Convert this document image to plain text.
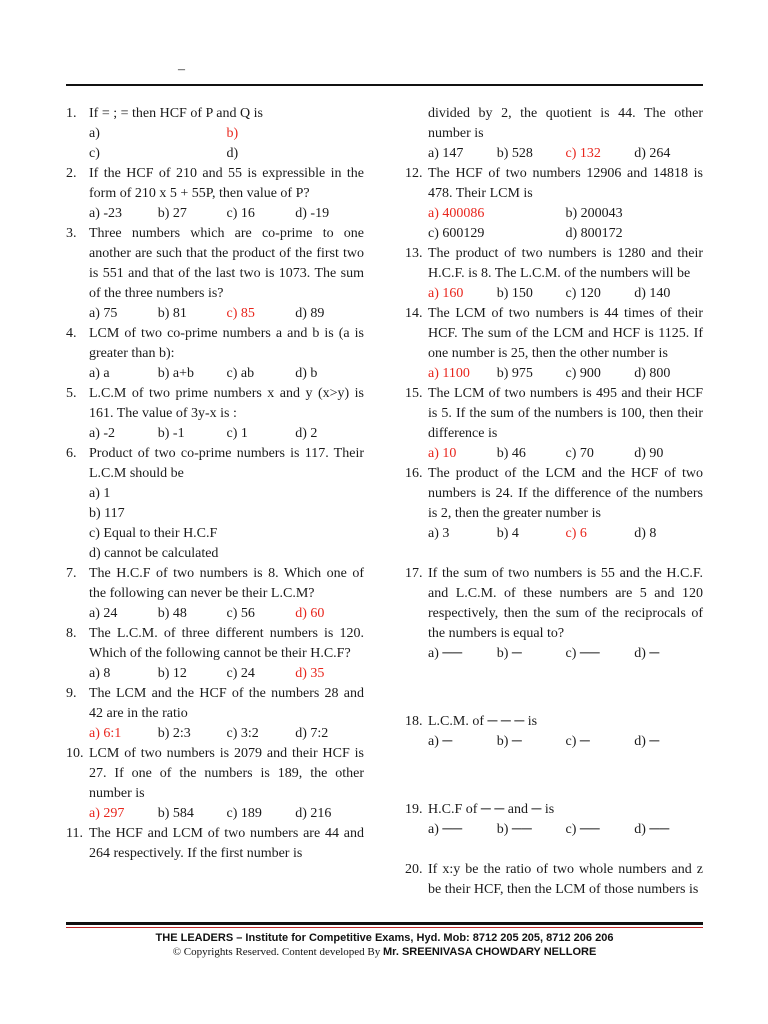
–
1. If = ; = then HCF of P and Q is
a)	b)
c)	d)
2. If the HCF of 210 and 55 is expressible in the form of 210 x 5 + 55P, then value of P?
a) -23	b) 27	c) 16	d) -19
3. Three numbers which are co-prime to one another are such that the product of the first two is 551 and that of the last two is 1073. The sum of the three numbers is?
a) 75	b) 81	c) 85	d) 89
4. LCM of two co-prime numbers a and b is (a is greater than b):
a) a	b) a+b	c) ab	d) b
5. L.C.M of two prime numbers x and y (x>y) is 161. The value of 3y-x is :
a) -2	b) -1	c) 1	d) 2
6. Product of two co-prime numbers is 117. Their L.C.M should be
a) 1
b) 117
c) Equal to their H.C.F
d) cannot be calculated
7. The H.C.F of two numbers is 8. Which one of the following can never be their L.C.M?
a) 24	b) 48	c) 56	d) 60
8. The L.C.M. of three different numbers is 120. Which of the following cannot be their H.C.F?
a) 8	b) 12	c) 24	d) 35
9. The LCM and the HCF of the numbers 28 and 42 are in the ratio
a) 6:1	b) 2:3	c) 3:2	d) 7:2
10. LCM of two numbers is 2079 and their HCF is 27. If one of the numbers is 189, the other number is
a) 297	b) 584	c) 189	d) 216
11. The HCF and LCM of two numbers are 44 and 264 respectively. If the first number is
divided by 2, the quotient is 44. The other number is
a) 147	b) 528	c) 132	d) 264
12. The HCF of two numbers 12906 and 14818 is 478. Their LCM is
a) 400086	b) 200043
c) 600129	d) 800172
13. The product of two numbers is 1280 and their H.C.F. is 8. The L.C.M. of the numbers will be
a) 160	b) 150	c) 120	d) 140
14. The LCM of two numbers is 44 times of their HCF. The sum of the LCM and HCF is 1125. If one number is 25, then the other number is
a) 1100	b) 975	c) 900	d) 800
15. The LCM of two numbers is 495 and their HCF is 5. If the sum of the numbers is 100, then their difference is
a) 10	b) 46	c) 70	d) 90
16. The product of the LCM and the HCF of two numbers is 24. If the difference of the numbers is 2, then the greater number is
a) 3	b) 4	c) 6	d) 8
17. If the sum of two numbers is 55 and the H.C.F. and L.C.M. of these numbers are 5 and 120 respectively, then the sum of the reciprocals of the numbers is equal to?
a) ──	b) ─	c) ──	d) ─
18. L.C.M. of ─ ─ ─ is
a) ─	b) ─	c) ─	d) ─
19. H.C.F of ─ ─ and ─ is
a) ──	b) ──	c) ──	d) ──
20. If x:y be the ratio of two whole numbers and z be their HCF, then the LCM of those numbers is
THE LEADERS – Institute for Competitive Exams, Hyd. Mob: 8712 205 205, 8712 206 206
© Copyrights Reserved. Content developed By Mr. SREENIVASA CHOWDARY NELLORE
